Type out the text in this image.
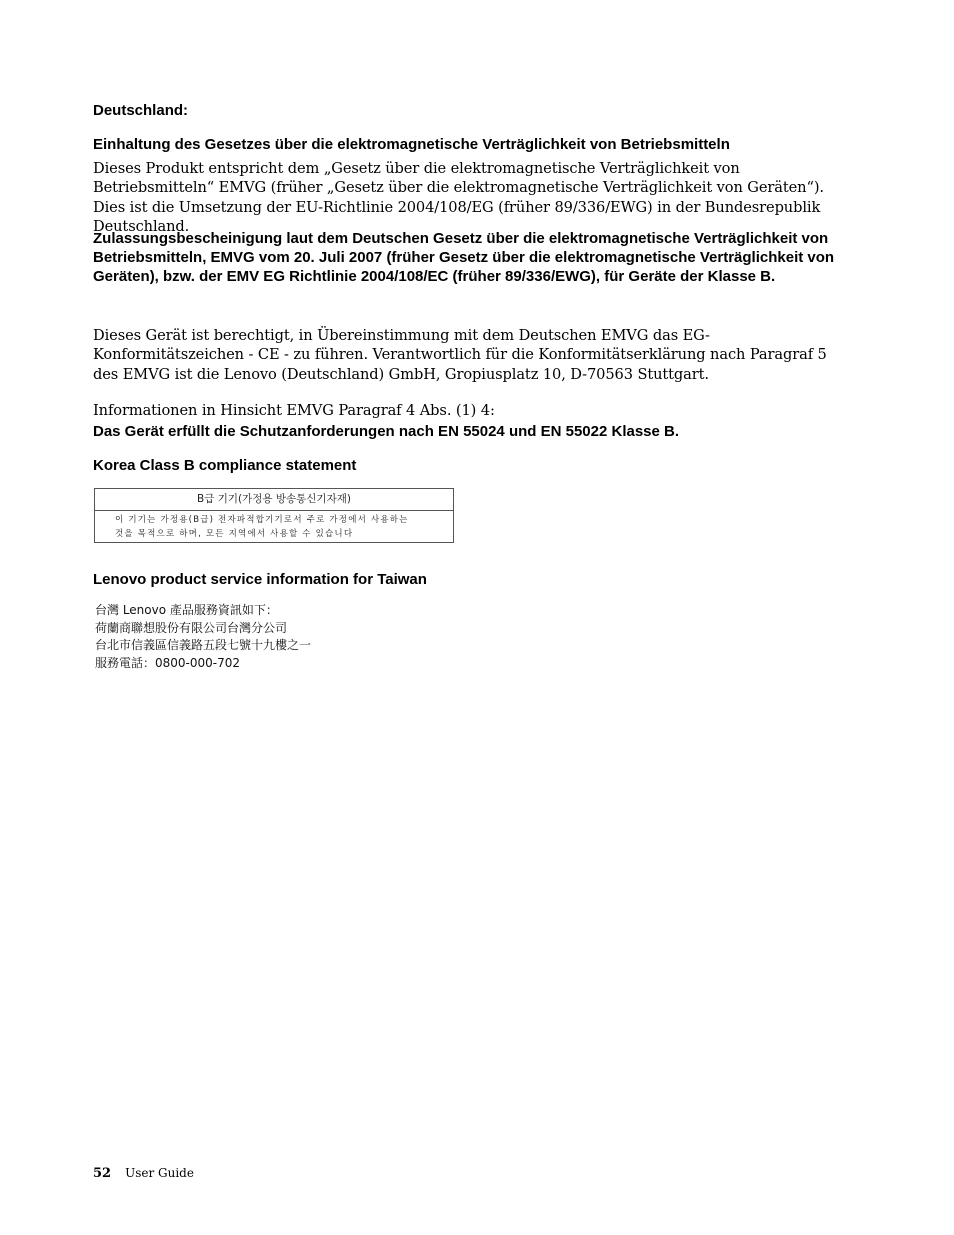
Deutschland:

Einhaltung des Gesetzes über die elektromagnetische Verträglichkeit von Betriebsmitteln

Dieses Produkt entspricht dem „Gesetz über die elektromagnetische Verträglichkeit von Betriebsmitteln“ EMVG (früher „Gesetz über die elektromagnetische Verträglichkeit von Geräten“). Dies ist die Umsetzung der EU-Richtlinie 2004/108/EG (früher 89/336/EWG) in der Bundesrepublik Deutschland.

Zulassungsbescheinigung laut dem Deutschen Gesetz über die elektromagnetische Verträglichkeit von Betriebsmitteln, EMVG vom 20. Juli 2007 (früher Gesetz über die elektromagnetische Verträglichkeit von Geräten), bzw. der EMV EG Richtlinie 2004/108/EC (früher 89/336/EWG), für Geräte der Klasse B.

Dieses Gerät ist berechtigt, in Übereinstimmung mit dem Deutschen EMVG das EG-Konformitätszeichen - CE - zu führen. Verantwortlich für die Konformitätserklärung nach Paragraf 5 des EMVG ist die Lenovo (Deutschland) GmbH, Gropiusplatz 10, D-70563 Stuttgart.

Informationen in Hinsicht EMVG Paragraf 4 Abs. (1) 4:

Das Gerät erfüllt die Schutzanforderungen nach EN 55024 und EN 55022 Klasse B.

Korea Class B compliance statement

B급 기기(가정용 방송통신기자재)
이 기기는 가정용(B급) 전자파적합기기로서 주로 가정에서 사용하는
것을 목적으로 하며, 모든 지역에서 사용할 수 있습니다

Lenovo product service information for Taiwan

台灣 Lenovo 產品服務資訊如下：
荷蘭商聯想股份有限公司台灣分公司
台北市信義區信義路五段七號十九樓之一
服務電話：0800-000-702
52 User Guide
